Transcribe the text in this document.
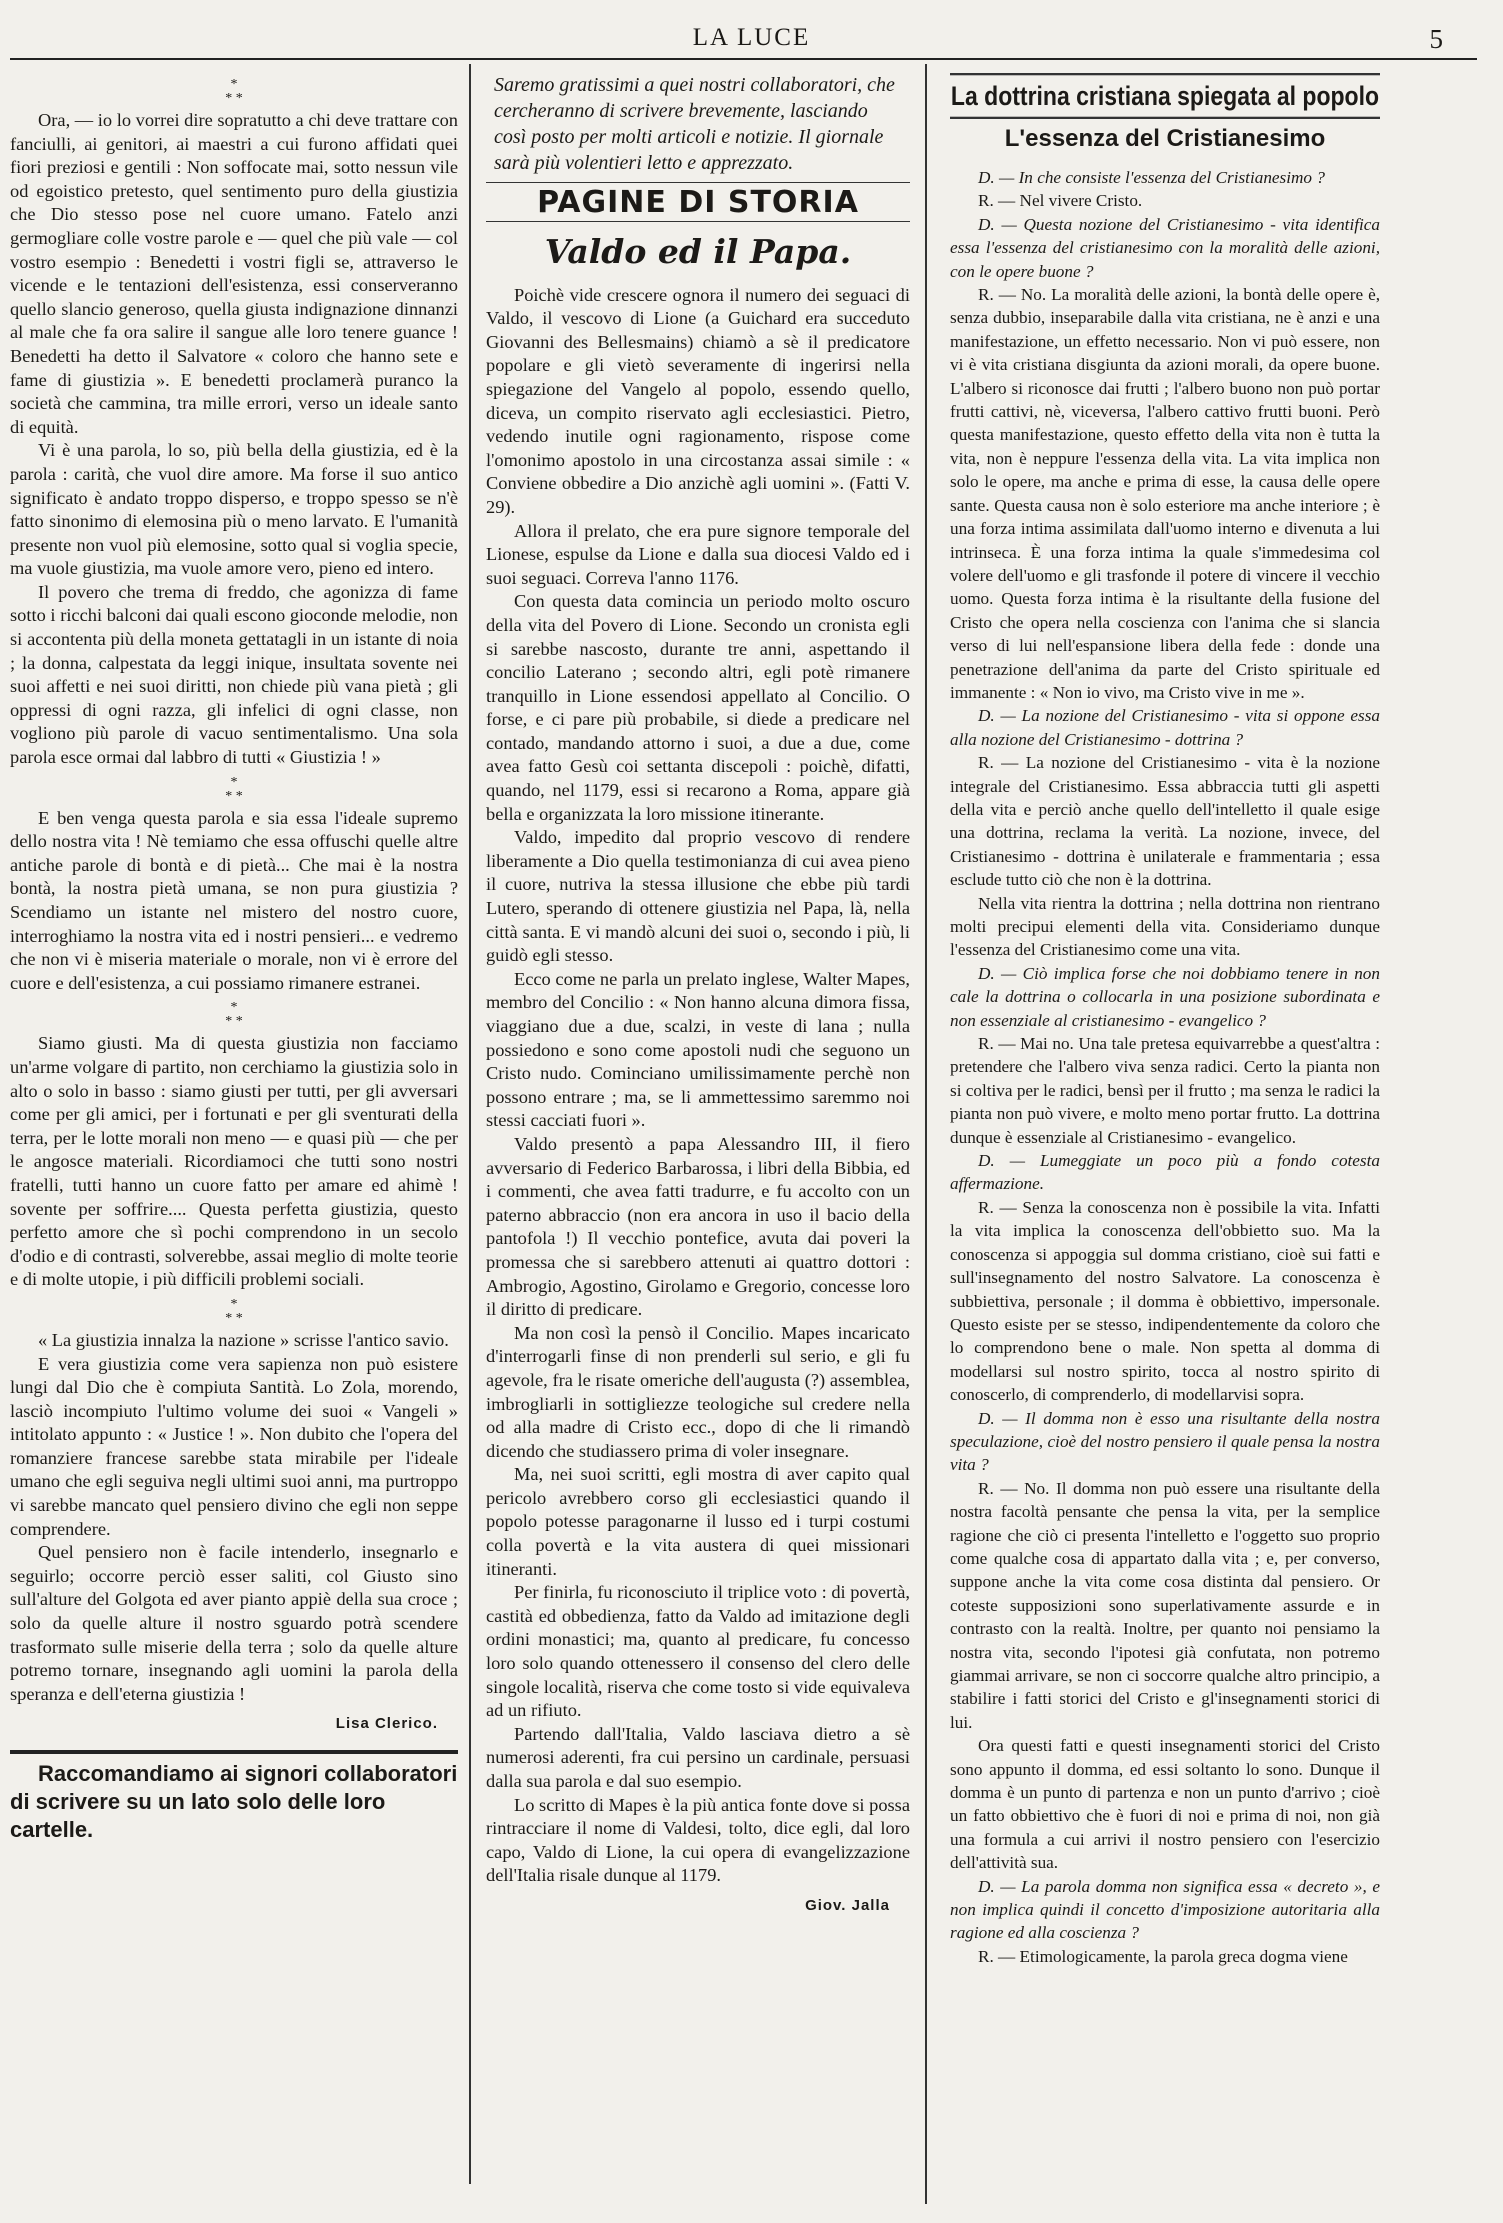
LA LUCE	5
*
* *

Ora, — io lo vorrei dire sopratutto a chi deve trattare con fanciulli, ai genitori, ai maestri a cui furono affidati quei fiori preziosi e gentili : Non soffocate mai, sotto nessun vile od egoistico pretesto, quel sentimento puro della giustizia che Dio stesso pose nel cuore umano. Fatelo anzi germogliare colle vostre parole e — quel che più vale — col vostro esempio : Benedetti i vostri figli se, attraverso le vicende e le tentazioni dell'esistenza, essi conserveranno quello slancio generoso, quella giusta indignazione dinnanzi al male che fa ora salire il sangue alle loro tenere guance ! Benedetti ha detto il Salvatore « coloro che hanno sete e fame di giustizia ». E benedetti proclamerà puranco la società che cammina, tra mille errori, verso un ideale santo di equità.

Vi è una parola, lo so, più bella della giustizia, ed è la parola : carità, che vuol dire amore. Ma forse il suo antico significato è andato troppo disperso, e troppo spesso se n'è fatto sinonimo di elemosina più o meno larvato. E l'umanità presente non vuol più elemosine, sotto qual si voglia specie, ma vuole giustizia, ma vuole amore vero, pieno ed intero.

Il povero che trema di freddo, che agonizza di fame sotto i ricchi balconi dai quali escono gioconde melodie, non si accontenta più della moneta gettatagli in un istante di noia ; la donna, calpestata da leggi inique, insultata sovente nei suoi affetti e nei suoi diritti, non chiede più vana pietà ; gli oppressi di ogni razza, gli infelici di ogni classe, non vogliono più parole di vacuo sentimentalismo. Una sola parola esce ormai dal labbro di tutti « Giustizia ! »

*
* *

E ben venga questa parola e sia essa l'ideale supremo dello nostra vita ! Nè temiamo che essa offuschi quelle altre antiche parole di bontà e di pietà... Che mai è la nostra bontà, la nostra pietà umana, se non pura giustizia ? Scendiamo un istante nel mistero del nostro cuore, interroghiamo la nostra vita ed i nostri pensieri... e vedremo che non vi è miseria materiale o morale, non vi è errore del cuore e dell'esistenza, a cui possiamo rimanere estranei.

*
* *

Siamo giusti. Ma di questa giustizia non facciamo un'arme volgare di partito, non cerchiamo la giustizia solo in alto o solo in basso : siamo giusti per tutti, per gli avversari come per gli amici, per i fortunati e per gli sventurati della terra, per le lotte morali non meno — e quasi più — che per le angosce materiali. Ricordiamoci che tutti sono nostri fratelli, tutti hanno un cuore fatto per amare ed ahimè ! sovente per soffrire.... Questa perfetta giustizia, questo perfetto amore che sì pochi comprendono in un secolo d'odio e di contrasti, solverebbe, assai meglio di molte teorie e di molte utopie, i più difficili problemi sociali.

*
* *

« La giustizia innalza la nazione » scrisse l'antico savio.

E vera giustizia come vera sapienza non può esistere lungi dal Dio che è compiuta Santità. Lo Zola, morendo, lasciò incompiuto l'ultimo volume dei suoi « Vangeli » intitolato appunto : « Justice ! ». Non dubito che l'opera del romanziere francese sarebbe stata mirabile per l'ideale umano che egli seguiva negli ultimi suoi anni, ma purtroppo vi sarebbe mancato quel pensiero divino che egli non seppe comprendere.

Quel pensiero non è facile intenderlo, insegnarlo e seguirlo; occorre perciò esser saliti, col Giusto sino sull'alture del Golgota ed aver pianto appiè della sua croce ; solo da quelle alture il nostro sguardo potrà scendere trasformato sulle miserie della terra ; solo da quelle alture potremo tornare, insegnando agli uomini la parola della speranza e dell'eterna giustizia !

Lisa Clerico.

Raccomandiamo ai signori collaboratori di scrivere su un lato solo delle loro cartelle.

Saremo gratissimi a quei nostri collaboratori, che cercheranno di scrivere brevemente, lasciando così posto per molti articoli e notizie. Il giornale sarà più volentieri letto e apprezzato.

PAGINE DI STORIA
Valdo ed il Papa.

Poichè vide crescere ognora il numero dei seguaci di Valdo, il vescovo di Lione (a Guichard era succeduto Giovanni des Bellesmains) chiamò a sè il predicatore popolare e gli vietò severamente di ingerirsi nella spiegazione del Vangelo al popolo, essendo quello, diceva, un compito riservato agli ecclesiastici. Pietro, vedendo inutile ogni ragionamento, rispose come l'omonimo apostolo in una circostanza assai simile : « Conviene obbedire a Dio anzichè agli uomini ». (Fatti V. 29).

Allora il prelato, che era pure signore temporale del Lionese, espulse da Lione e dalla sua diocesi Valdo ed i suoi seguaci. Correva l'anno 1176.

Con questa data comincia un periodo molto oscuro della vita del Povero di Lione. Secondo un cronista egli si sarebbe nascosto, durante tre anni, aspettando il concilio Laterano ; secondo altri, egli potè rimanere tranquillo in Lione essendosi appellato al Concilio. O forse, e ci pare più probabile, si diede a predicare nel contado, mandando attorno i suoi, a due a due, come avea fatto Gesù coi settanta discepoli : poichè, difatti, quando, nel 1179, essi si recarono a Roma, appare già bella e organizzata la loro missione itinerante.

Valdo, impedito dal proprio vescovo di rendere liberamente a Dio quella testimonianza di cui avea pieno il cuore, nutriva la stessa illusione che ebbe più tardi Lutero, sperando di ottenere giustizia nel Papa, là, nella città santa. E vi mandò alcuni dei suoi o, secondo i più, li guidò egli stesso.

Ecco come ne parla un prelato inglese, Walter Mapes, membro del Concilio : « Non hanno alcuna dimora fissa, viaggiano due a due, scalzi, in veste di lana ; nulla possiedono e sono come apostoli nudi che seguono un Cristo nudo. Cominciano umilissimamente perchè non possono entrare ; ma, se li ammettessimo saremmo noi stessi cacciati fuori ».

Valdo presentò a papa Alessandro III, il fiero avversario di Federico Barbarossa, i libri della Bibbia, ed i commenti, che avea fatti tradurre, e fu accolto con un paterno abbraccio (non era ancora in uso il bacio della pantofola !) Il vecchio pontefice, avuta dai poveri la promessa che si sarebbero attenuti ai quattro dottori : Ambrogio, Agostino, Girolamo e Gregorio, concesse loro il diritto di predicare.

Ma non così la pensò il Concilio. Mapes incaricato d'interrogarli finse di non prenderli sul serio, e gli fu agevole, fra le risate omeriche dell'augusta (?) assemblea, imbrogliarli in sottigliezze teologiche sul credere nella od alla madre di Cristo ecc., dopo di che li rimandò dicendo che studiassero prima di voler insegnare.

Ma, nei suoi scritti, egli mostra di aver capito qual pericolo avrebbero corso gli ecclesiastici quando il popolo potesse paragonarne il lusso ed i turpi costumi colla povertà e la vita austera di quei missionari itineranti.

Per finirla, fu riconosciuto il triplice voto : di povertà, castità ed obbedienza, fatto da Valdo ad imitazione degli ordini monastici; ma, quanto al predicare, fu concesso loro solo quando ottenessero il consenso del clero delle singole località, riserva che come tosto si vide equivaleva ad un rifiuto.

Partendo dall'Italia, Valdo lasciava dietro a sè numerosi aderenti, fra cui persino un cardinale, persuasi dalla sua parola e dal suo esempio.

Lo scritto di Mapes è la più antica fonte dove si possa rintracciare il nome di Valdesi, tolto, dice egli, dal loro capo, Valdo di Lione, la cui opera di evangelizzazione dell'Italia risale dunque al 1179.

Giov. Jalla
La dottrina cristiana spiegata al popolo
L'essenza del Cristianesimo

D. — In che consiste l'essenza del Cristianesimo ?

R. — Nel vivere Cristo.

D. — Questa nozione del Cristianesimo - vita identifica essa l'essenza del cristianesimo con la moralità delle azioni, con le opere buone ?

R. — No. La moralità delle azioni, la bontà delle opere è, senza dubbio, inseparabile dalla vita cristiana, ne è anzi e una manifestazione, un effetto necessario. Non vi può essere, non vi è vita cristiana disgiunta da azioni morali, da opere buone. L'albero si riconosce dai frutti ; l'albero buono non può portar frutti cattivi, nè, viceversa, l'albero cattivo frutti buoni. Però questa manifestazione, questo effetto della vita non è tutta la vita, non è neppure l'essenza della vita. La vita implica non solo le opere, ma anche e prima di esse, la causa delle opere sante. Questa causa non è solo esteriore ma anche interiore ; è una forza intima assimilata dall'uomo interno e divenuta a lui intrinseca. È una forza intima la quale s'immedesima col volere dell'uomo e gli trasfonde il potere di vincere il vecchio uomo. Questa forza intima è la risultante della fusione del Cristo che opera nella coscienza con l'anima che si slancia verso di lui nell'espansione libera della fede : donde una penetrazione dell'anima da parte del Cristo spirituale ed immanente : « Non io vivo, ma Cristo vive in me ».

D. — La nozione del Cristianesimo - vita si oppone essa alla nozione del Cristianesimo - dottrina ?

R. — La nozione del Cristianesimo - vita è la nozione integrale del Cristianesimo. Essa abbraccia tutti gli aspetti della vita e perciò anche quello dell'intelletto il quale esige una dottrina, reclama la verità. La nozione, invece, del Cristianesimo - dottrina è unilaterale e frammentaria ; essa esclude tutto ciò che non è la dottrina.

Nella vita rientra la dottrina ; nella dottrina non rientrano molti precipui elementi della vita. Consideriamo dunque l'essenza del Cristianesimo come una vita.

D. — Ciò implica forse che noi dobbiamo tenere in non cale la dottrina o collocarla in una posizione subordinata e non essenziale al cristianesimo - evangelico ?

R. — Mai no. Una tale pretesa equivarrebbe a quest'altra : pretendere che l'albero viva senza radici. Certo la pianta non si coltiva per le radici, bensì per il frutto ; ma senza le radici la pianta non può vivere, e molto meno portar frutto. La dottrina dunque è essenziale al Cristianesimo - evangelico.

D. — Lumeggiate un poco più a fondo cotesta affermazione.

R. — Senza la conoscenza non è possibile la vita. Infatti la vita implica la conoscenza dell'obbietto suo. Ma la conoscenza si appoggia sul domma cristiano, cioè sui fatti e sull'insegnamento del nostro Salvatore. La conoscenza è subbiettiva, personale ; il domma è obbiettivo, impersonale. Questo esiste per se stesso, indipendentemente da coloro che lo comprendono bene o male. Non spetta al domma di modellarsi sul nostro spirito, tocca al nostro spirito di conoscerlo, di comprenderlo, di modellarvisi sopra.

D. — Il domma non è esso una risultante della nostra speculazione, cioè del nostro pensiero il quale pensa la nostra vita ?

R. — No. Il domma non può essere una risultante della nostra facoltà pensante che pensa la vita, per la semplice ragione che ciò ci presenta l'intelletto e l'oggetto suo proprio come qualche cosa di appartato dalla vita ; e, per converso, suppone anche la vita come cosa distinta dal pensiero. Or coteste supposizioni sono superlativamente assurde e in contrasto con la realtà. Inoltre, per quanto noi pensiamo la nostra vita, secondo l'ipotesi già confutata, non potremo giammai arrivare, se non ci soccorre qualche altro principio, a stabilire i fatti storici del Cristo e gl'insegnamenti storici di lui.

Ora questi fatti e questi insegnamenti storici del Cristo sono appunto il domma, ed essi soltanto lo sono. Dunque il domma è un punto di partenza e non un punto d'arrivo ; cioè un fatto obbiettivo che è fuori di noi e prima di noi, non già una formula a cui arrivi il nostro pensiero con l'esercizio dell'attività sua.

D. — La parola domma non significa essa « decreto », e non implica quindi il concetto d'imposizione autoritaria alla ragione ed alla coscienza ?

R. — Etimologicamente, la parola greca dogma viene
